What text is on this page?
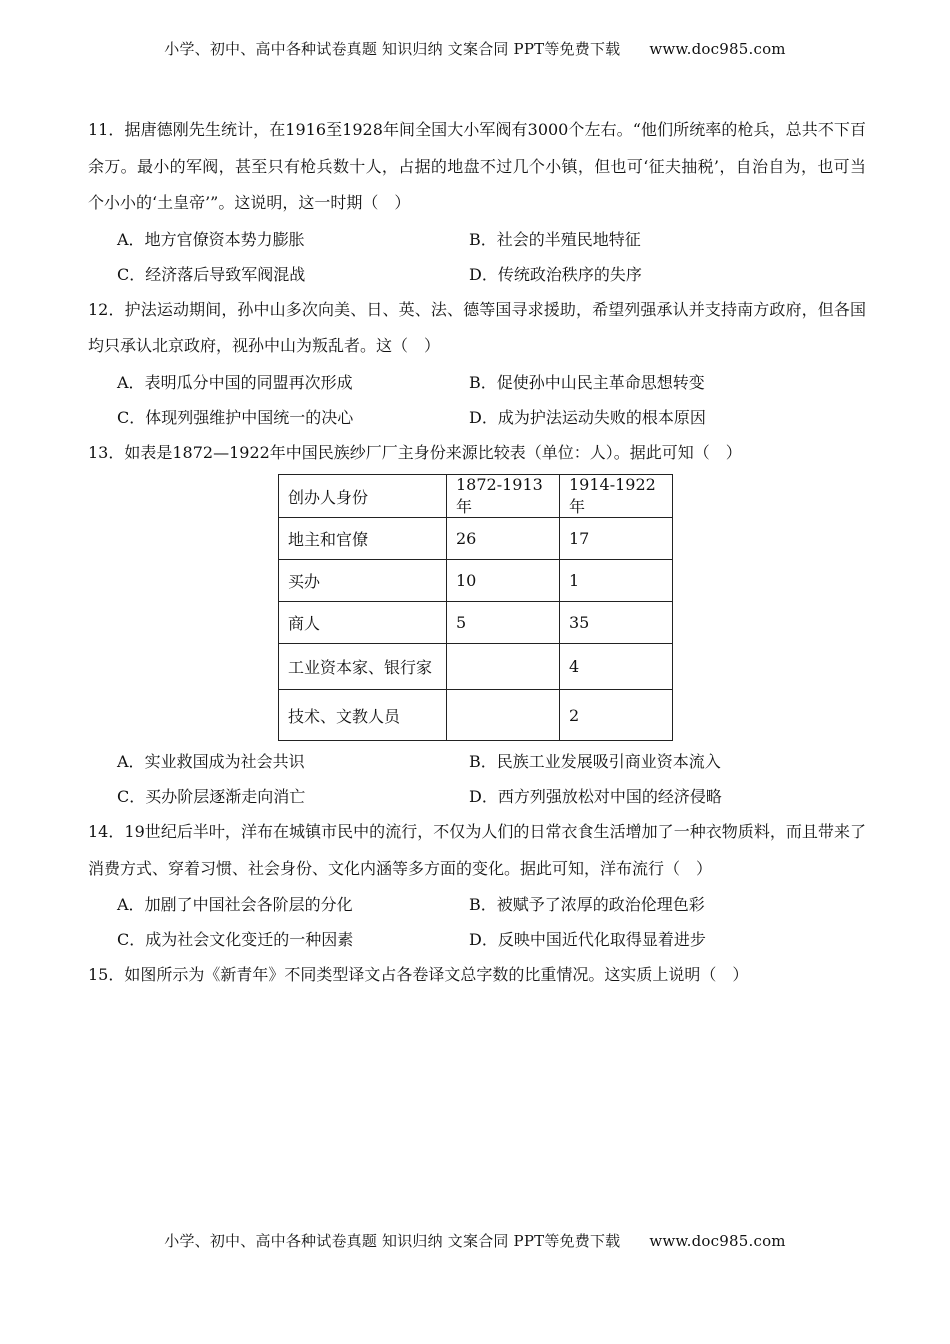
小学、初中、高中各种试卷真题 知识归纳 文案合同 PPT等免费下载 www.doc985.com

11．据唐德刚先生统计，在1916至1928年间全国大小军阀有3000个左右。“他们所统率的枪兵，总共不下百余万。最小的军阀，甚至只有枪兵数十人，占据的地盘不过几个小镇，但也可‘征夫抽税’，自治自为，也可当个小小的‘土皇帝’”。这说明，这一时期（　）

A．地方官僚资本势力膨胀	B．社会的半殖民地特征
C．经济落后导致军阀混战	D．传统政治秩序的失序

12．护法运动期间，孙中山多次向美、日、英、法、德等国寻求援助，希望列强承认并支持南方政府，但各国均只承认北京政府，视孙中山为叛乱者。这（　）

A．表明瓜分中国的同盟再次形成	B．促使孙中山民主革命思想转变
C．体现列强维护中国统一的决心	D．成为护法运动失败的根本原因

13．如表是1872—1922年中国民族纱厂厂主身份来源比较表（单位：人）。据此可知（　）

创办人身份	1872-1913年	1914-1922年
地主和官僚	26	17
买办	10	1
商人	5	35
工业资本家、银行家		4
技术、文教人员		2
A．实业救国成为社会共识	B．民族工业发展吸引商业资本流入
C．买办阶层逐渐走向消亡	D．西方列强放松对中国的经济侵略

14．19世纪后半叶，洋布在城镇市民中的流行，不仅为人们的日常衣食生活增加了一种衣物质料，而且带来了消费方式、穿着习惯、社会身份、文化内涵等多方面的变化。据此可知，洋布流行（　）

A．加剧了中国社会各阶层的分化	B．被赋予了浓厚的政治伦理色彩
C．成为社会文化变迁的一种因素	D．反映中国近代化取得显着进步

15．如图所示为《新青年》不同类型译文占各卷译文总字数的比重情况。这实质上说明（　）

小学、初中、高中各种试卷真题 知识归纳 文案合同 PPT等免费下载 www.doc985.com
